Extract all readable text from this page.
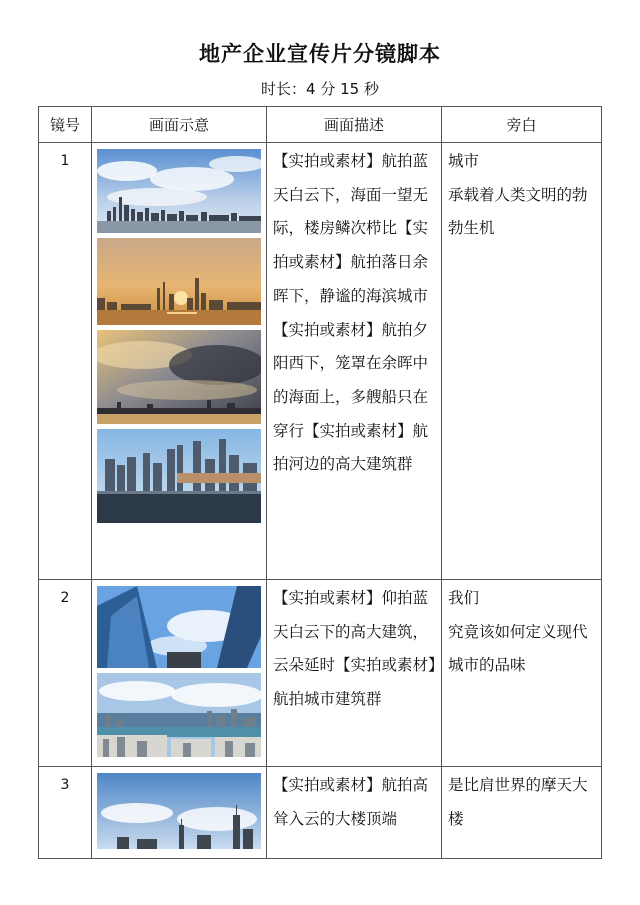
地产企业宣传片分镜脚本
时长：4 分 15 秒
镜号	画面示意	画面描述	旁白
1		【实拍或素材】航拍蓝天白云下，海面一望无际，楼房鳞次栉比【实拍或素材】航拍落日余晖下，静谧的海滨城市【实拍或素材】航拍夕阳西下，笼罩在余晖中的海面上，多艘船只在穿行【实拍或素材】航拍河边的高大建筑群	城市
承载着人类文明的勃勃生机

2		【实拍或素材】仰拍蓝天白云下的高大建筑，云朵延时【实拍或素材】航拍城市建筑群	我们
究竟该如何定义现代城市的品味

3		【实拍或素材】航拍高耸入云的大楼顶端	是比肩世界的摩天大楼
